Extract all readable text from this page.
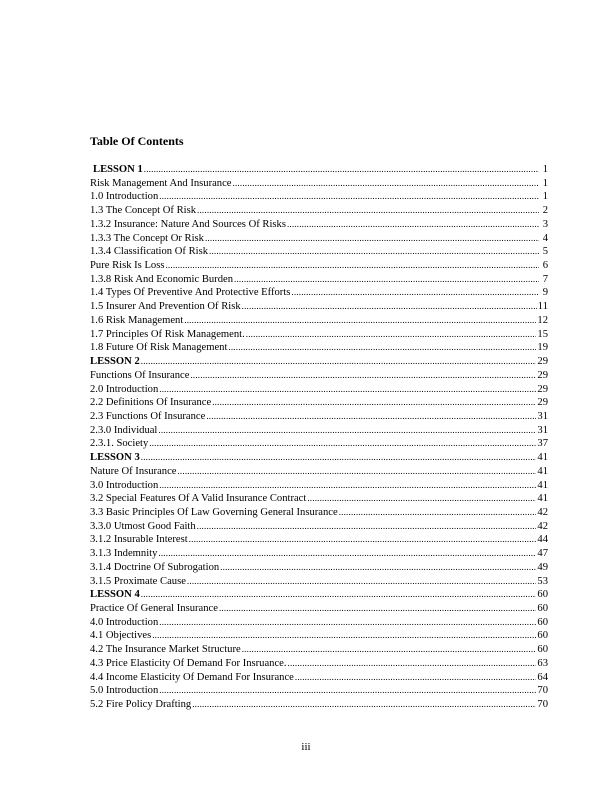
Table Of Contents
LESSON 1 .....	1
Risk Management And Insurance .....	1
1.0 Introduction .....	1
1.3 The Concept Of Risk .....	2
1.3.2 Insurance: Nature And Sources Of Risks .....	3
1.3.3 The Concept Or Risk .....	4
1.3.4 Classification Of Risk .....	5
Pure Risk Is Loss .....	6
1.3.8 Risk And Economic Burden .....	7
1.4 Types Of Preventive And Protective Efforts .....	9
1.5 Insurer And Prevention Of Risk .....	11
1.6 Risk Management .....	12
1.7 Principles Of Risk Management. .....	15
1.8 Future Of Risk Management .....	19
LESSON 2 .....	29
Functions Of Insurance .....	29
2.0 Introduction .....	29
2.2 Definitions Of Insurance .....	29
2.3 Functions Of Insurance .....	31
2.3.0 Individual .....	31
2.3.1. Society .....	37
LESSON 3 .....	41
Nature Of Insurance .....	41
3.0 Introduction .....	41
3.2 Special Features Of A Valid Insurance Contract .....	41
3.3 Basic Principles Of Law Governing General Insurance .....	42
3.3.0 Utmost Good Faith .....	42
3.1.2 Insurable Interest .....	44
3.1.3 Indemnity .....	47
3.1.4 Doctrine Of Subrogation .....	49
3.1.5 Proximate Cause .....	53
LESSON 4 .....	60
Practice Of General Insurance .....	60
4.0 Introduction .....	60
4.1 Objectives .....	60
4.2 The Insurance Market Structure .....	60
4.3 Price Elasticity Of Demand For Insruance. .....	63
4.4 Income Elasticity Of Demand For Insurance .....	64
5.0 Introduction .....	70
5.2 Fire Policy Drafting .....	70
iii
